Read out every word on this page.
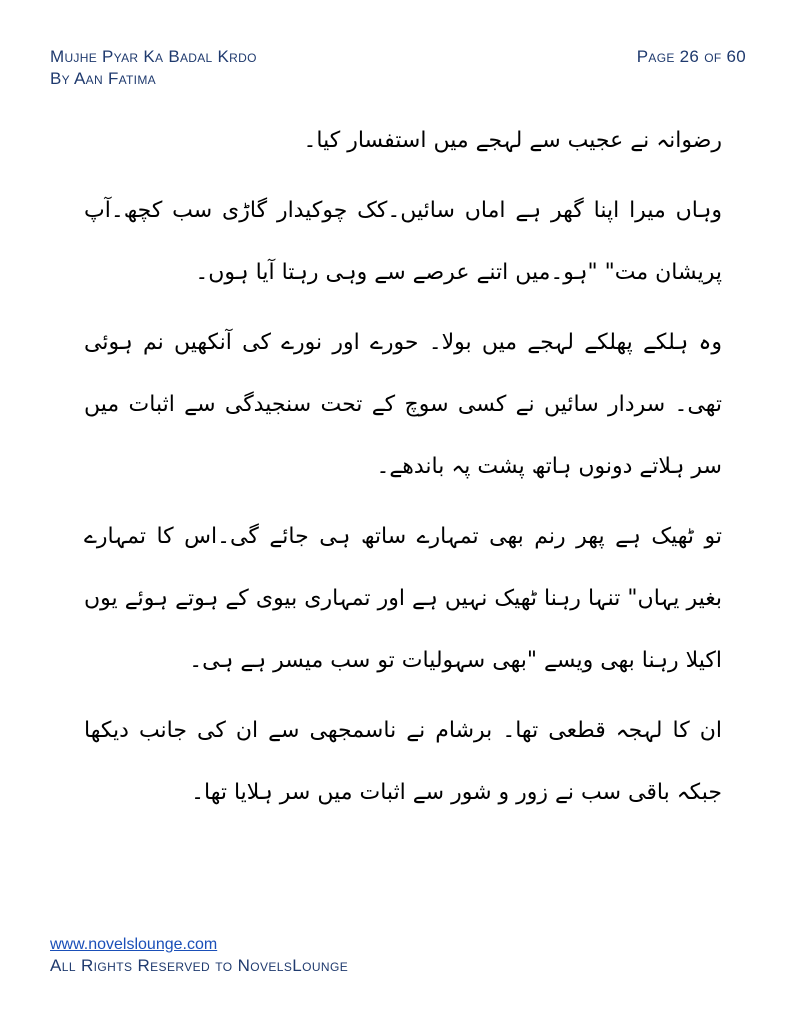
Mujhe Pyar Ka Badal Krdo
By Aan Fatima
Page 26 of 60

رضوانہ نے عجیب سے لہجے میں استفسار کیا۔

وہاں میرا اپنا گھر ہے اماں سائیں۔کک چوکیدار گاڑی سب کچھ۔آپ پریشان مت" "ہو۔میں اتنے عرصے سے وہی رہتا آیا ہوں۔

وہ ہلکے پھلکے لہجے میں بولا۔ حورے اور نورے کی آنکھیں نم ہوئی تھی۔ سردار سائیں نے کسی سوچ کے تحت سنجیدگی سے اثبات میں سر ہلاتے دونوں ہاتھ پشت پہ باندھے۔

تو ٹھیک ہے پھر رنم بھی تمہارے ساتھ ہی جائے گی۔اس کا تمہارے بغیر یہاں" تنہا رہنا ٹھیک نہیں ہے اور تمہاری بیوی کے ہوتے ہوئے یوں اکیلا رہنا بھی ویسے "بھی سہولیات تو سب میسر ہے ہی۔

ان کا لہجہ قطعی تھا۔ برشام نے ناسمجھی سے ان کی جانب دیکھا جبکہ باقی سب نے زور و شور سے اثبات میں سر ہلایا تھا۔

www.novelslounge.com
All Rights Reserved to NovelsLounge
